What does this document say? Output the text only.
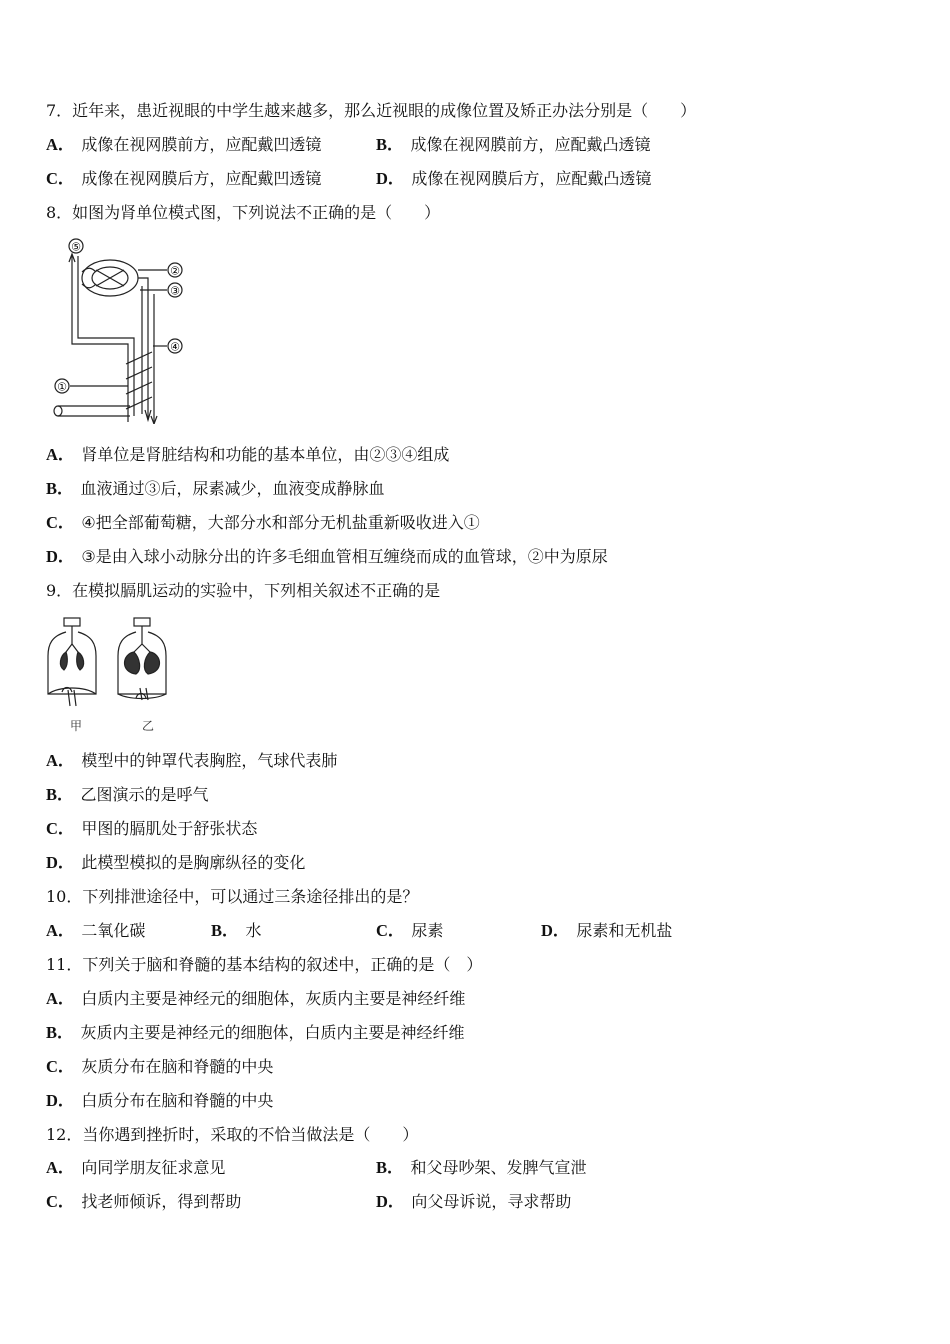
7．近年来，患近视眼的中学生越来越多，那么近视眼的成像位置及矫正办法分别是（　　）
A． 成像在视网膜前方，应配戴凹透镜	B． 成像在视网膜前方，应配戴凸透镜
C． 成像在视网膜后方，应配戴凹透镜	D． 成像在视网膜后方，应配戴凸透镜
8．如图为肾单位模式图，下列说法不正确的是（　　）
⑤
②
③
④
①
A． 肾单位是肾脏结构和功能的基本单位，由②③④组成
B． 血液通过③后，尿素减少，血液变成静脉血
C． ④把全部葡萄糖，大部分水和部分无机盐重新吸收进入①
D． ③是由入球小动脉分出的许多毛细血管相互缠绕而成的血管球，②中为原尿
9．在模拟膈肌运动的实验中，下列相关叙述不正确的是
甲	乙
A． 模型中的钟罩代表胸腔，气球代表肺
B． 乙图演示的是呼气
C． 甲图的膈肌处于舒张状态
D． 此模型模拟的是胸廓纵径的变化
10．下列排泄途径中，可以通过三条途径排出的是？
A． 二氧化碳	B． 水	C． 尿素	D． 尿素和无机盐
11．下列关于脑和脊髓的基本结构的叙述中，正确的是（　）
A． 白质内主要是神经元的细胞体，灰质内主要是神经纤维
B． 灰质内主要是神经元的细胞体，白质内主要是神经纤维
C． 灰质分布在脑和脊髓的中央
D． 白质分布在脑和脊髓的中央
12．当你遇到挫折时，采取的不恰当做法是（　　）
A． 向同学朋友征求意见	B． 和父母吵架、发脾气宣泄
C． 找老师倾诉，得到帮助	D． 向父母诉说，寻求帮助
